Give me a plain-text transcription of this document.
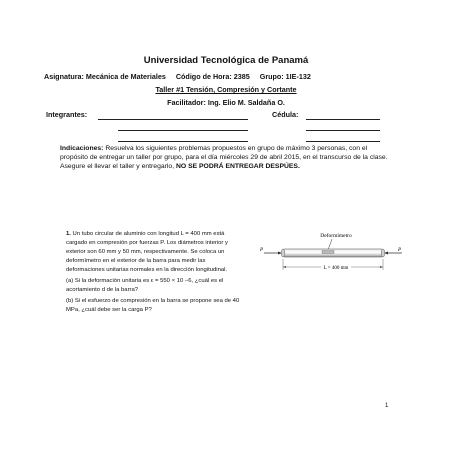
Universidad Tecnológica de Panamá
Asignatura: Mecánica de Materiales Código de Hora: 2385 Grupo: 1IE-132
Taller #1 Tensión, Compresión y Cortante
Facilitador: Ing. Elio M. Saldaña O.
Integrantes:	Cédula:
Indicaciones: Resuelva los siguientes problemas propuestos en grupo de máximo 3 personas, con el propósito de entregar un taller por grupo, para el día miércoles 29 de abril 2015, en el transcurso de la clase. Asegure el llevar el taller y entregarlo, NO SE PODRÁ ENTREGAR DESPÚES.

1. Un tubo circular de aluminio con longitud L = 400 mm está cargado en compresión por fuerzas P. Los diámetros interior y exterior son 60 mm y 50 mm, respectivamente. Se coloca un deformímetro en el exterior de la barra para medir las deformaciones unitarias normales en la dirección longitudinal.

(a) Si la deformación unitaria es ϵ = 550 × 10 −6, ¿cuál es el acortamiento d de la barra?

(b) Si el esfuerzo de compresión en la barra se propone sea de 40 MPa, ¿cuál debe ser la carga P?

Deformímetro
P	P
L = 400 mm
1
